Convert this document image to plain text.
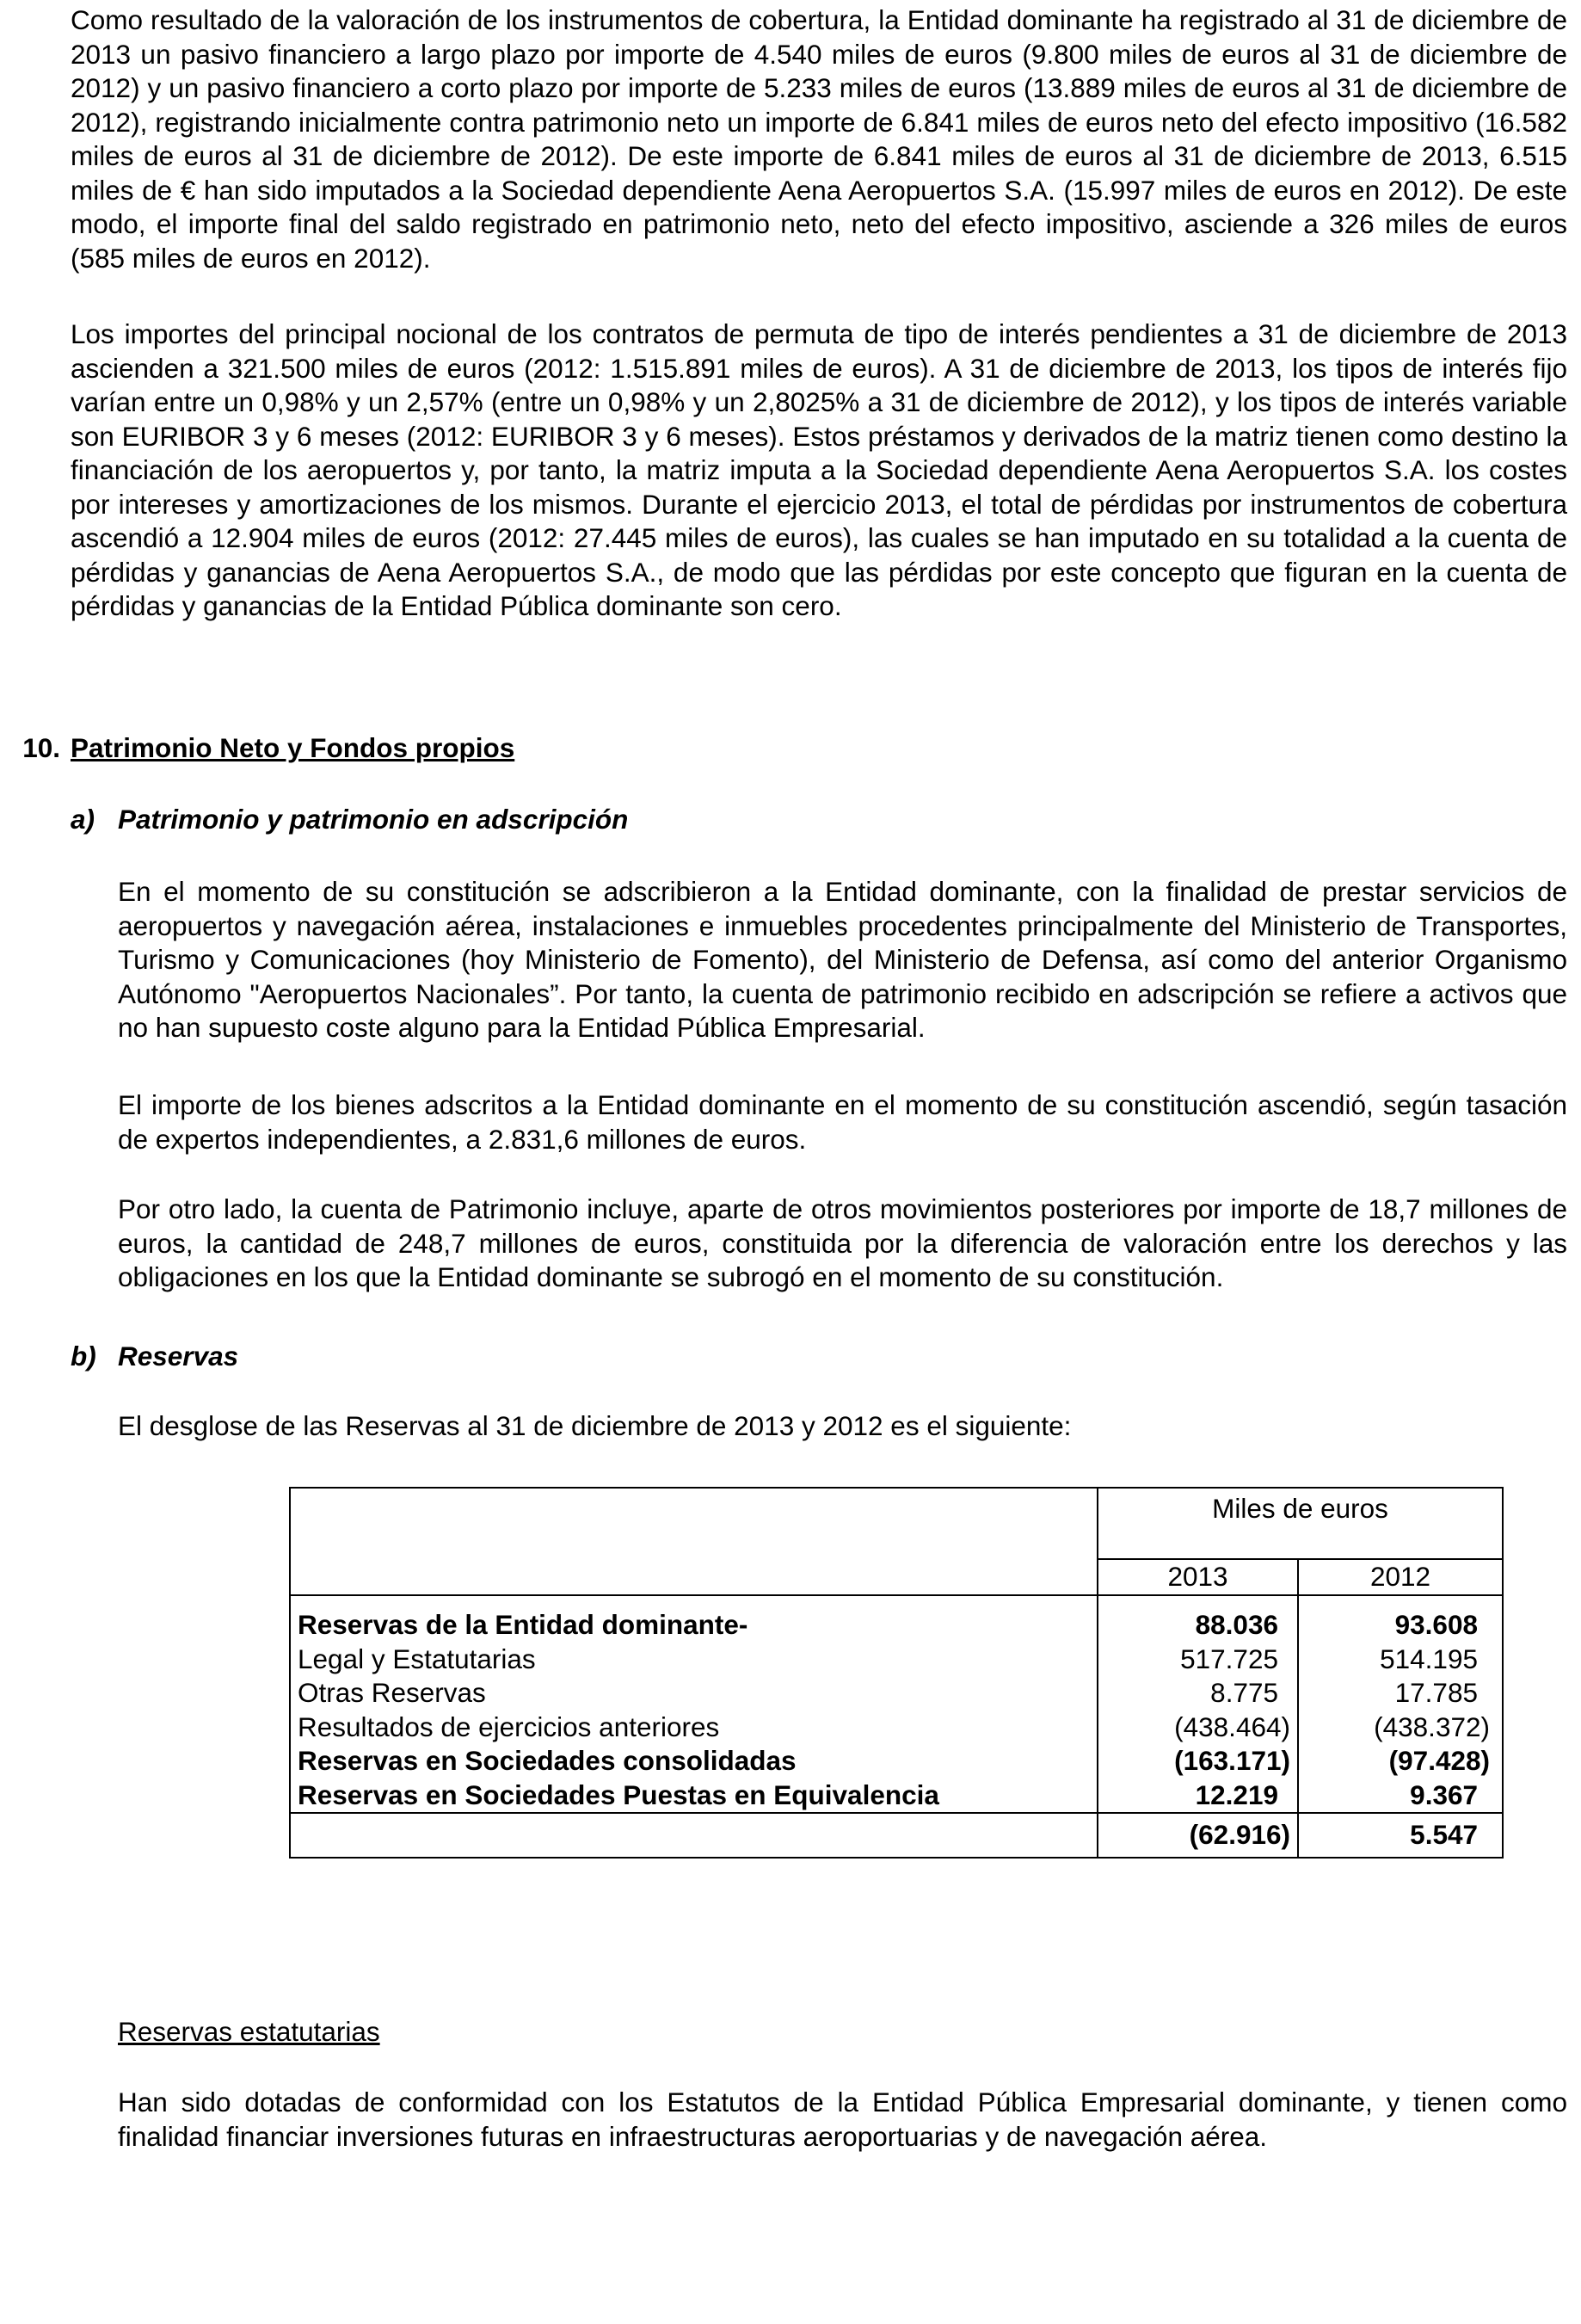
Como resultado de la valoración de los instrumentos de cobertura, la Entidad dominante ha registrado al 31 de diciembre de 2013 un pasivo financiero a largo plazo por importe de 4.540 miles de euros (9.800 miles de euros al 31 de diciembre de 2012) y un pasivo financiero a corto plazo por importe de 5.233 miles de euros (13.889 miles de euros al 31 de diciembre de 2012), registrando inicialmente contra patrimonio neto un importe de 6.841 miles de euros neto del efecto impositivo (16.582 miles de euros al 31 de diciembre de 2012). De este importe de 6.841 miles de euros al 31 de diciembre de 2013, 6.515 miles de € han sido imputados a la Sociedad dependiente Aena Aeropuertos S.A. (15.997 miles de euros en 2012). De este modo, el importe final del saldo registrado en patrimonio neto, neto del efecto impositivo, asciende a 326 miles de euros (585 miles de euros en 2012).

Los importes del principal nocional de los contratos de permuta de tipo de interés pendientes a 31 de diciembre de 2013 ascienden a 321.500 miles de euros (2012: 1.515.891 miles de euros). A 31 de diciembre de 2013, los tipos de interés fijo varían entre un 0,98% y un 2,57% (entre un 0,98% y un 2,8025% a 31 de diciembre de 2012), y los tipos de interés variable son EURIBOR 3 y 6 meses (2012: EURIBOR 3 y 6 meses). Estos préstamos y derivados de la matriz tienen como destino la financiación de los aeropuertos y, por tanto, la matriz imputa a la Sociedad dependiente Aena Aeropuertos S.A. los costes por intereses y amortizaciones de los mismos. Durante el ejercicio 2013, el total de pérdidas por instrumentos de cobertura ascendió a 12.904 miles de euros (2012: 27.445 miles de euros), las cuales se han imputado en su totalidad a la cuenta de pérdidas y ganancias de Aena Aeropuertos S.A., de modo que las pérdidas por este concepto que figuran en la cuenta de pérdidas y ganancias de la Entidad Pública dominante son cero.

10. Patrimonio Neto y Fondos propios
a) Patrimonio y patrimonio en adscripción

En el momento de su constitución se adscribieron a la Entidad dominante, con la finalidad de prestar servicios de aeropuertos y navegación aérea, instalaciones e inmuebles procedentes principalmente del Ministerio de Transportes, Turismo y Comunicaciones (hoy Ministerio de Fomento), del Ministerio de Defensa, así como del anterior Organismo Autónomo "Aeropuertos Nacionales”. Por tanto, la cuenta de patrimonio recibido en adscripción se refiere a activos que no han supuesto coste alguno para la Entidad Pública Empresarial.

El importe de los bienes adscritos a la Entidad dominante en el momento de su constitución ascendió, según tasación de expertos independientes, a 2.831,6 millones de euros.

Por otro lado, la cuenta de Patrimonio incluye, aparte de otros movimientos posteriores por importe de 18,7 millones de euros, la cantidad de 248,7 millones de euros, constituida por la diferencia de valoración entre los derechos y las obligaciones en los que la Entidad dominante se subrogó en el momento de su constitución.

b) Reservas

El desglose de las Reservas al 31 de diciembre de 2013 y 2012 es el siguiente:

	Miles de euros	
	2013	2012

Reservas de la Entidad dominante-	88.036	93.608
Legal y Estatutarias	517.725	514.195
Otras Reservas	8.775	17.785
Resultados de ejercicios anteriores	(438.464)	(438.372)
Reservas en Sociedades consolidadas	(163.171)	(97.428)
Reservas en Sociedades Puestas en Equivalencia	12.219	9.367
	(62.916)	5.547
Reservas estatutarias

Han sido dotadas de conformidad con los Estatutos de la Entidad Pública Empresarial dominante, y tienen como finalidad financiar inversiones futuras en infraestructuras aeroportuarias y de navegación aérea.
